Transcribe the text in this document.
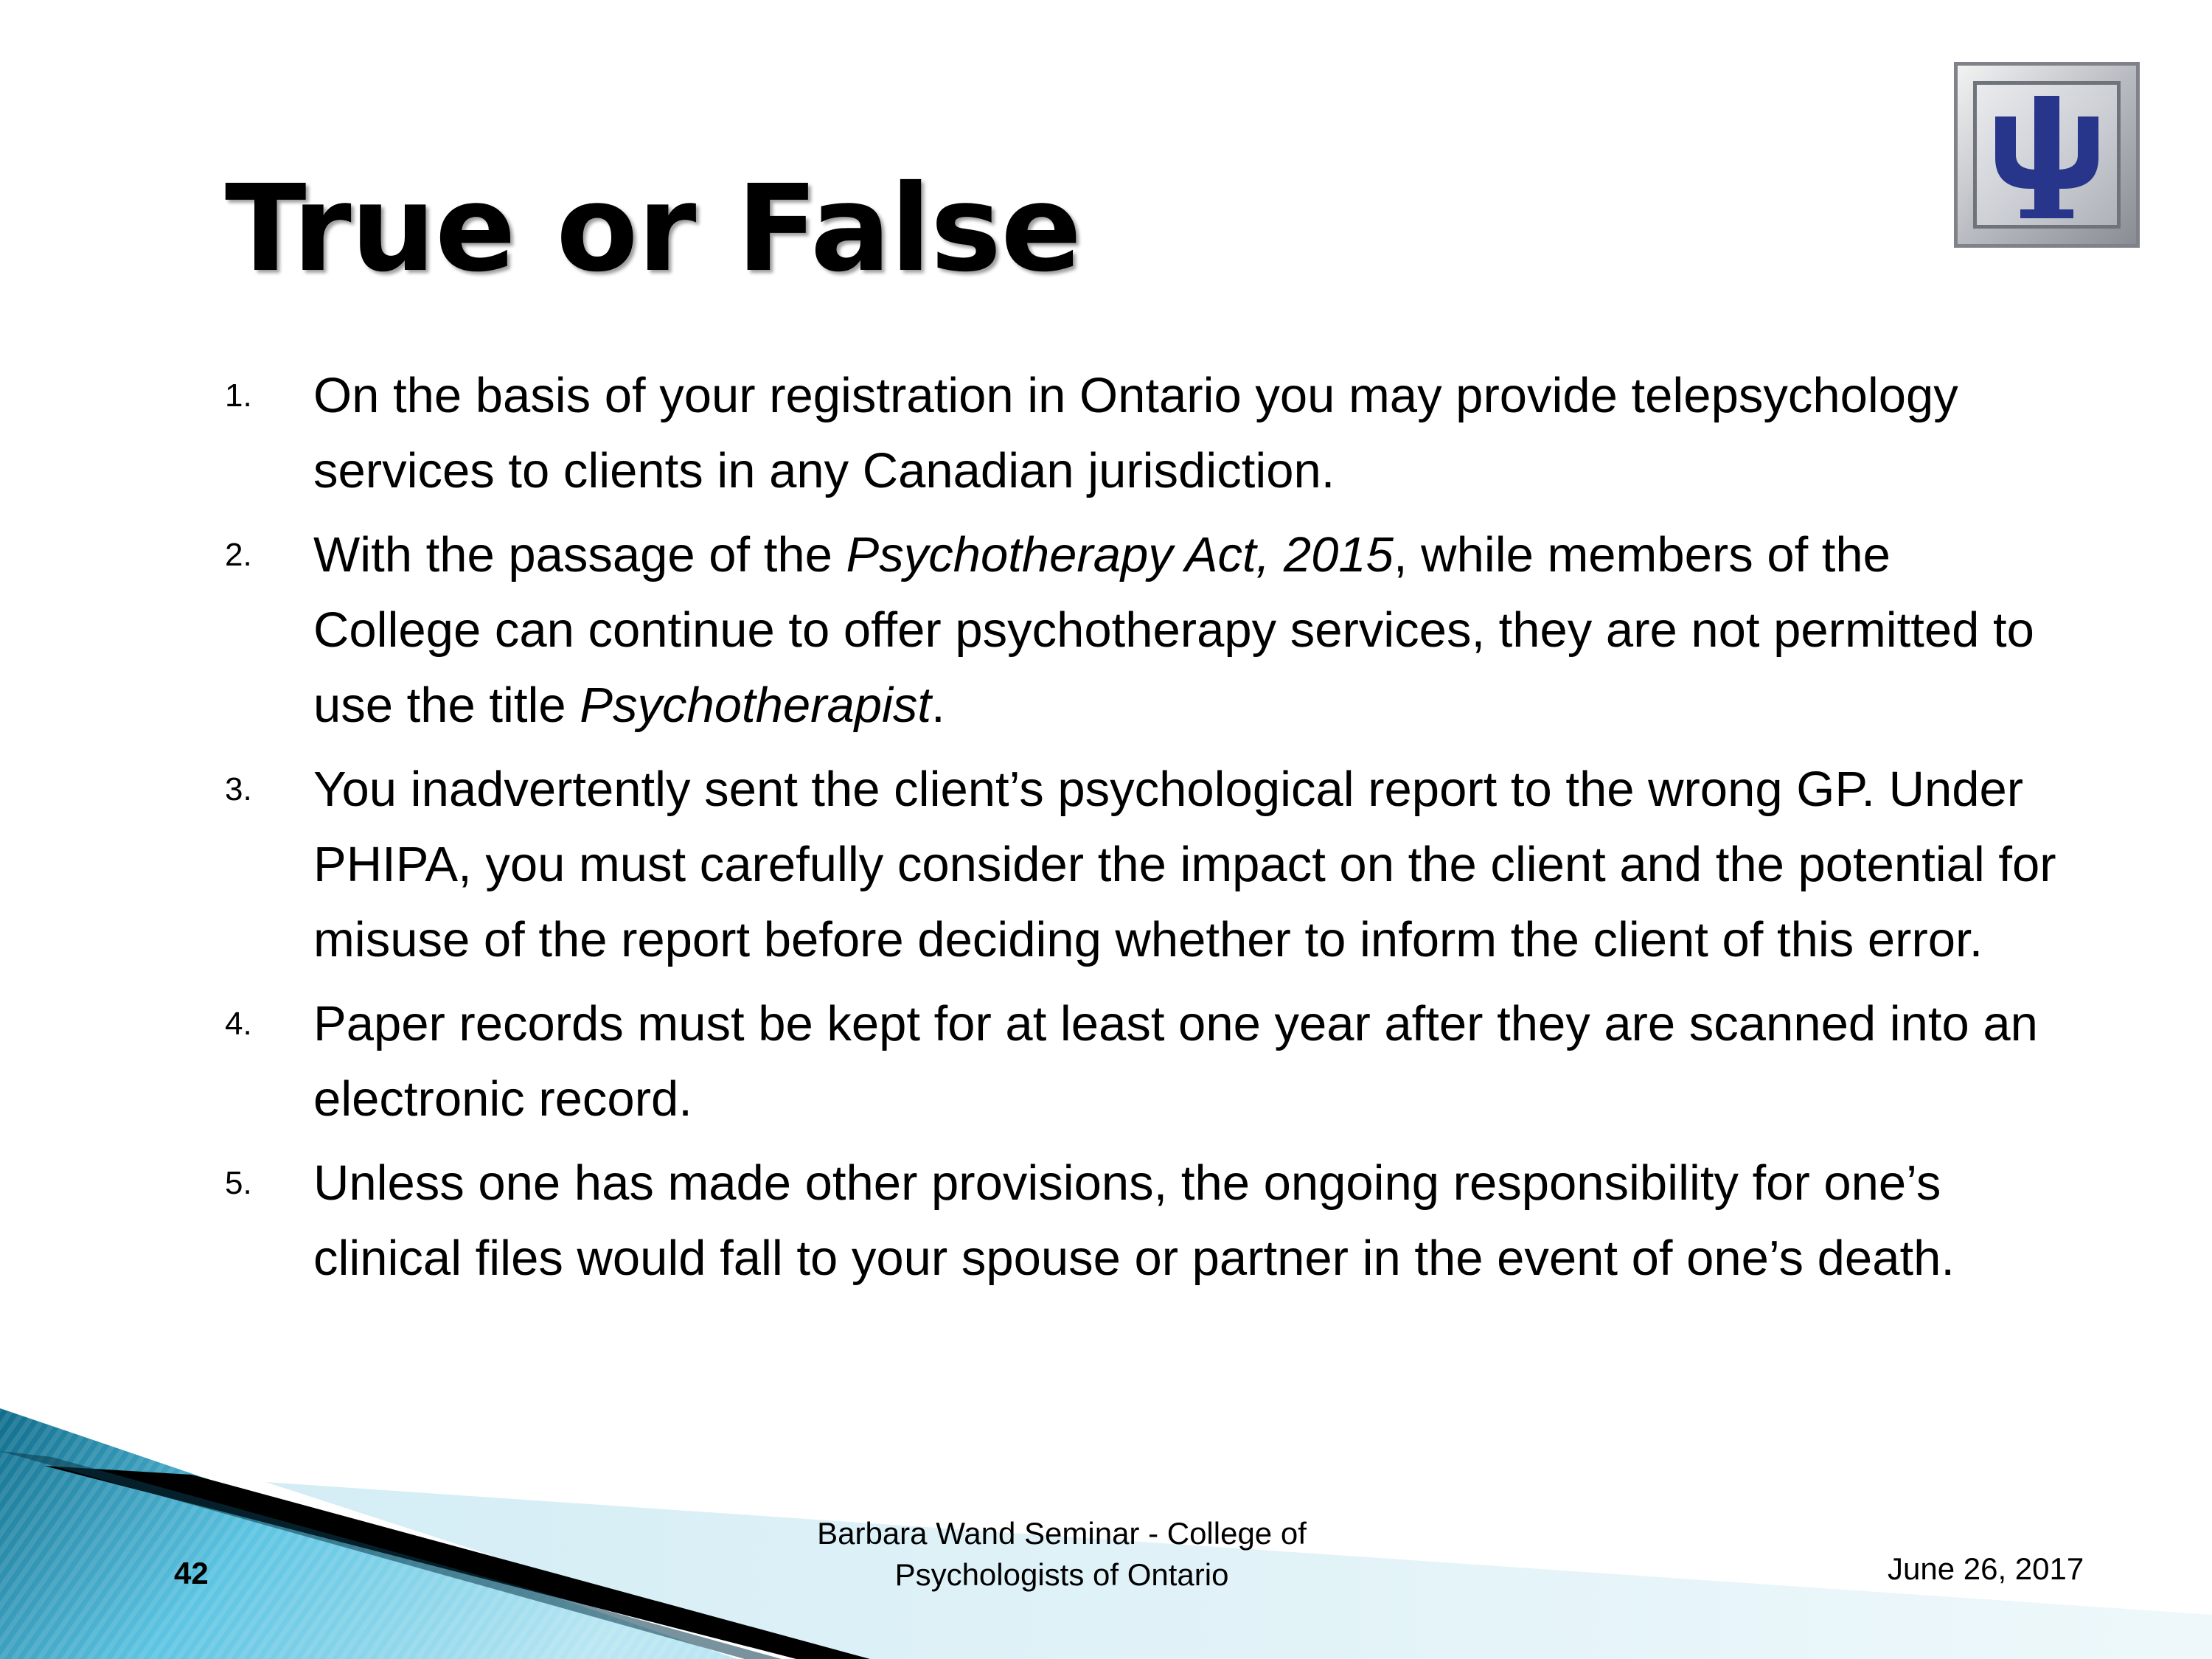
True or False
1. On the basis of your registration in Ontario you may provide telepsychology services to clients in any Canadian jurisdiction.
2. With the passage of the Psychotherapy Act, 2015, while members of the College can continue to offer psychotherapy services, they are not permitted to use the title Psychotherapist.
3. You inadvertently sent the client’s psychological report to the wrong GP. Under PHIPA, you must carefully consider the impact on the client and the potential for misuse of the report before deciding whether to inform the client of this error.
4. Paper records must be kept for at least one year after they are scanned into an electronic record.
5. Unless one has made other provisions, the ongoing responsibility for one’s clinical files would fall to your spouse or partner in the event of one’s death.
42
Barbara Wand Seminar - College of
Psychologists of Ontario	June 26, 2017
